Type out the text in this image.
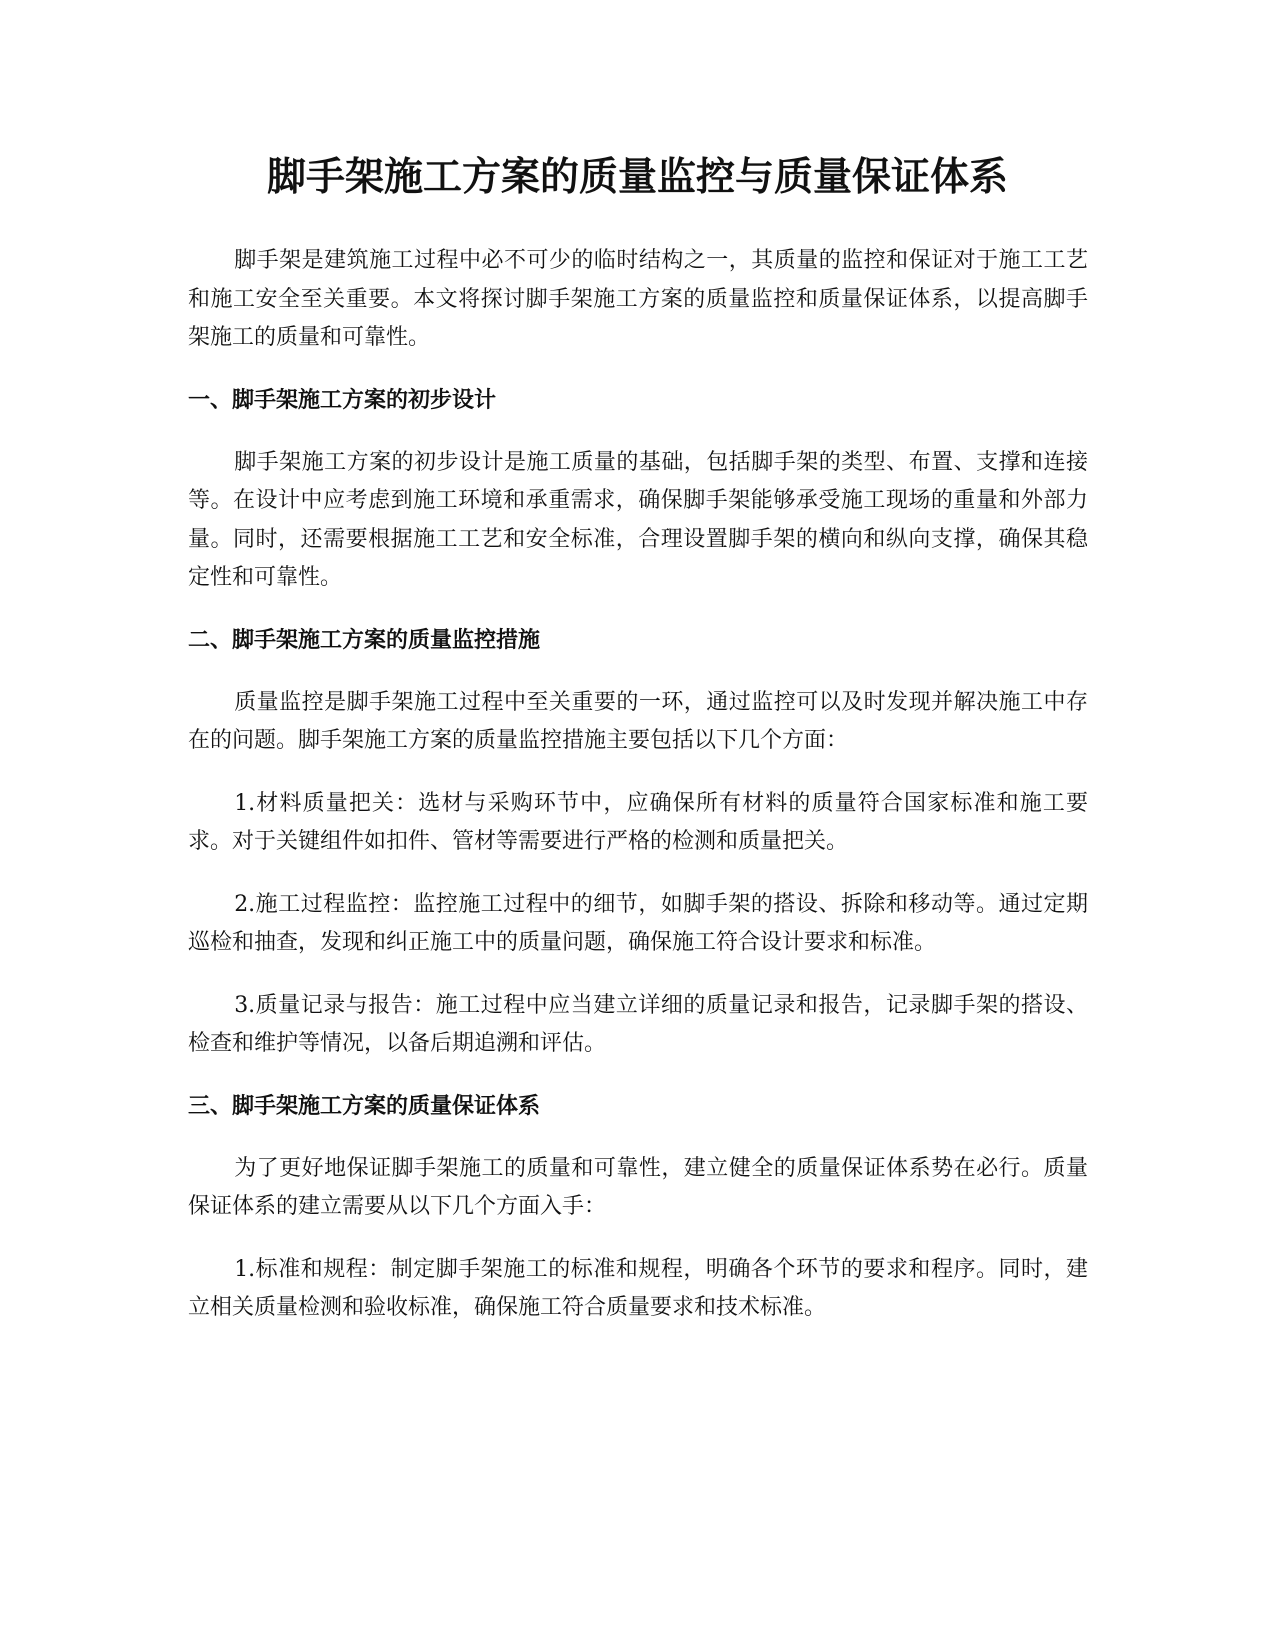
脚手架施工方案的质量监控与质量保证体系

脚手架是建筑施工过程中必不可少的临时结构之一，其质量的监控和保证对于施工工艺和施工安全至关重要。本文将探讨脚手架施工方案的质量监控和质量保证体系，以提高脚手架施工的质量和可靠性。

一、脚手架施工方案的初步设计

脚手架施工方案的初步设计是施工质量的基础，包括脚手架的类型、布置、支撑和连接等。在设计中应考虑到施工环境和承重需求，确保脚手架能够承受施工现场的重量和外部力量。同时，还需要根据施工工艺和安全标准，合理设置脚手架的横向和纵向支撑，确保其稳定性和可靠性。

二、脚手架施工方案的质量监控措施

质量监控是脚手架施工过程中至关重要的一环，通过监控可以及时发现并解决施工中存在的问题。脚手架施工方案的质量监控措施主要包括以下几个方面：

1.材料质量把关：选材与采购环节中，应确保所有材料的质量符合国家标准和施工要求。对于关键组件如扣件、管材等需要进行严格的检测和质量把关。

2.施工过程监控：监控施工过程中的细节，如脚手架的搭设、拆除和移动等。通过定期巡检和抽查，发现和纠正施工中的质量问题，确保施工符合设计要求和标准。

3.质量记录与报告：施工过程中应当建立详细的质量记录和报告，记录脚手架的搭设、检查和维护等情况，以备后期追溯和评估。

三、脚手架施工方案的质量保证体系

为了更好地保证脚手架施工的质量和可靠性，建立健全的质量保证体系势在必行。质量保证体系的建立需要从以下几个方面入手：

1.标准和规程：制定脚手架施工的标准和规程，明确各个环节的要求和程序。同时，建立相关质量检测和验收标准，确保施工符合质量要求和技术标准。
